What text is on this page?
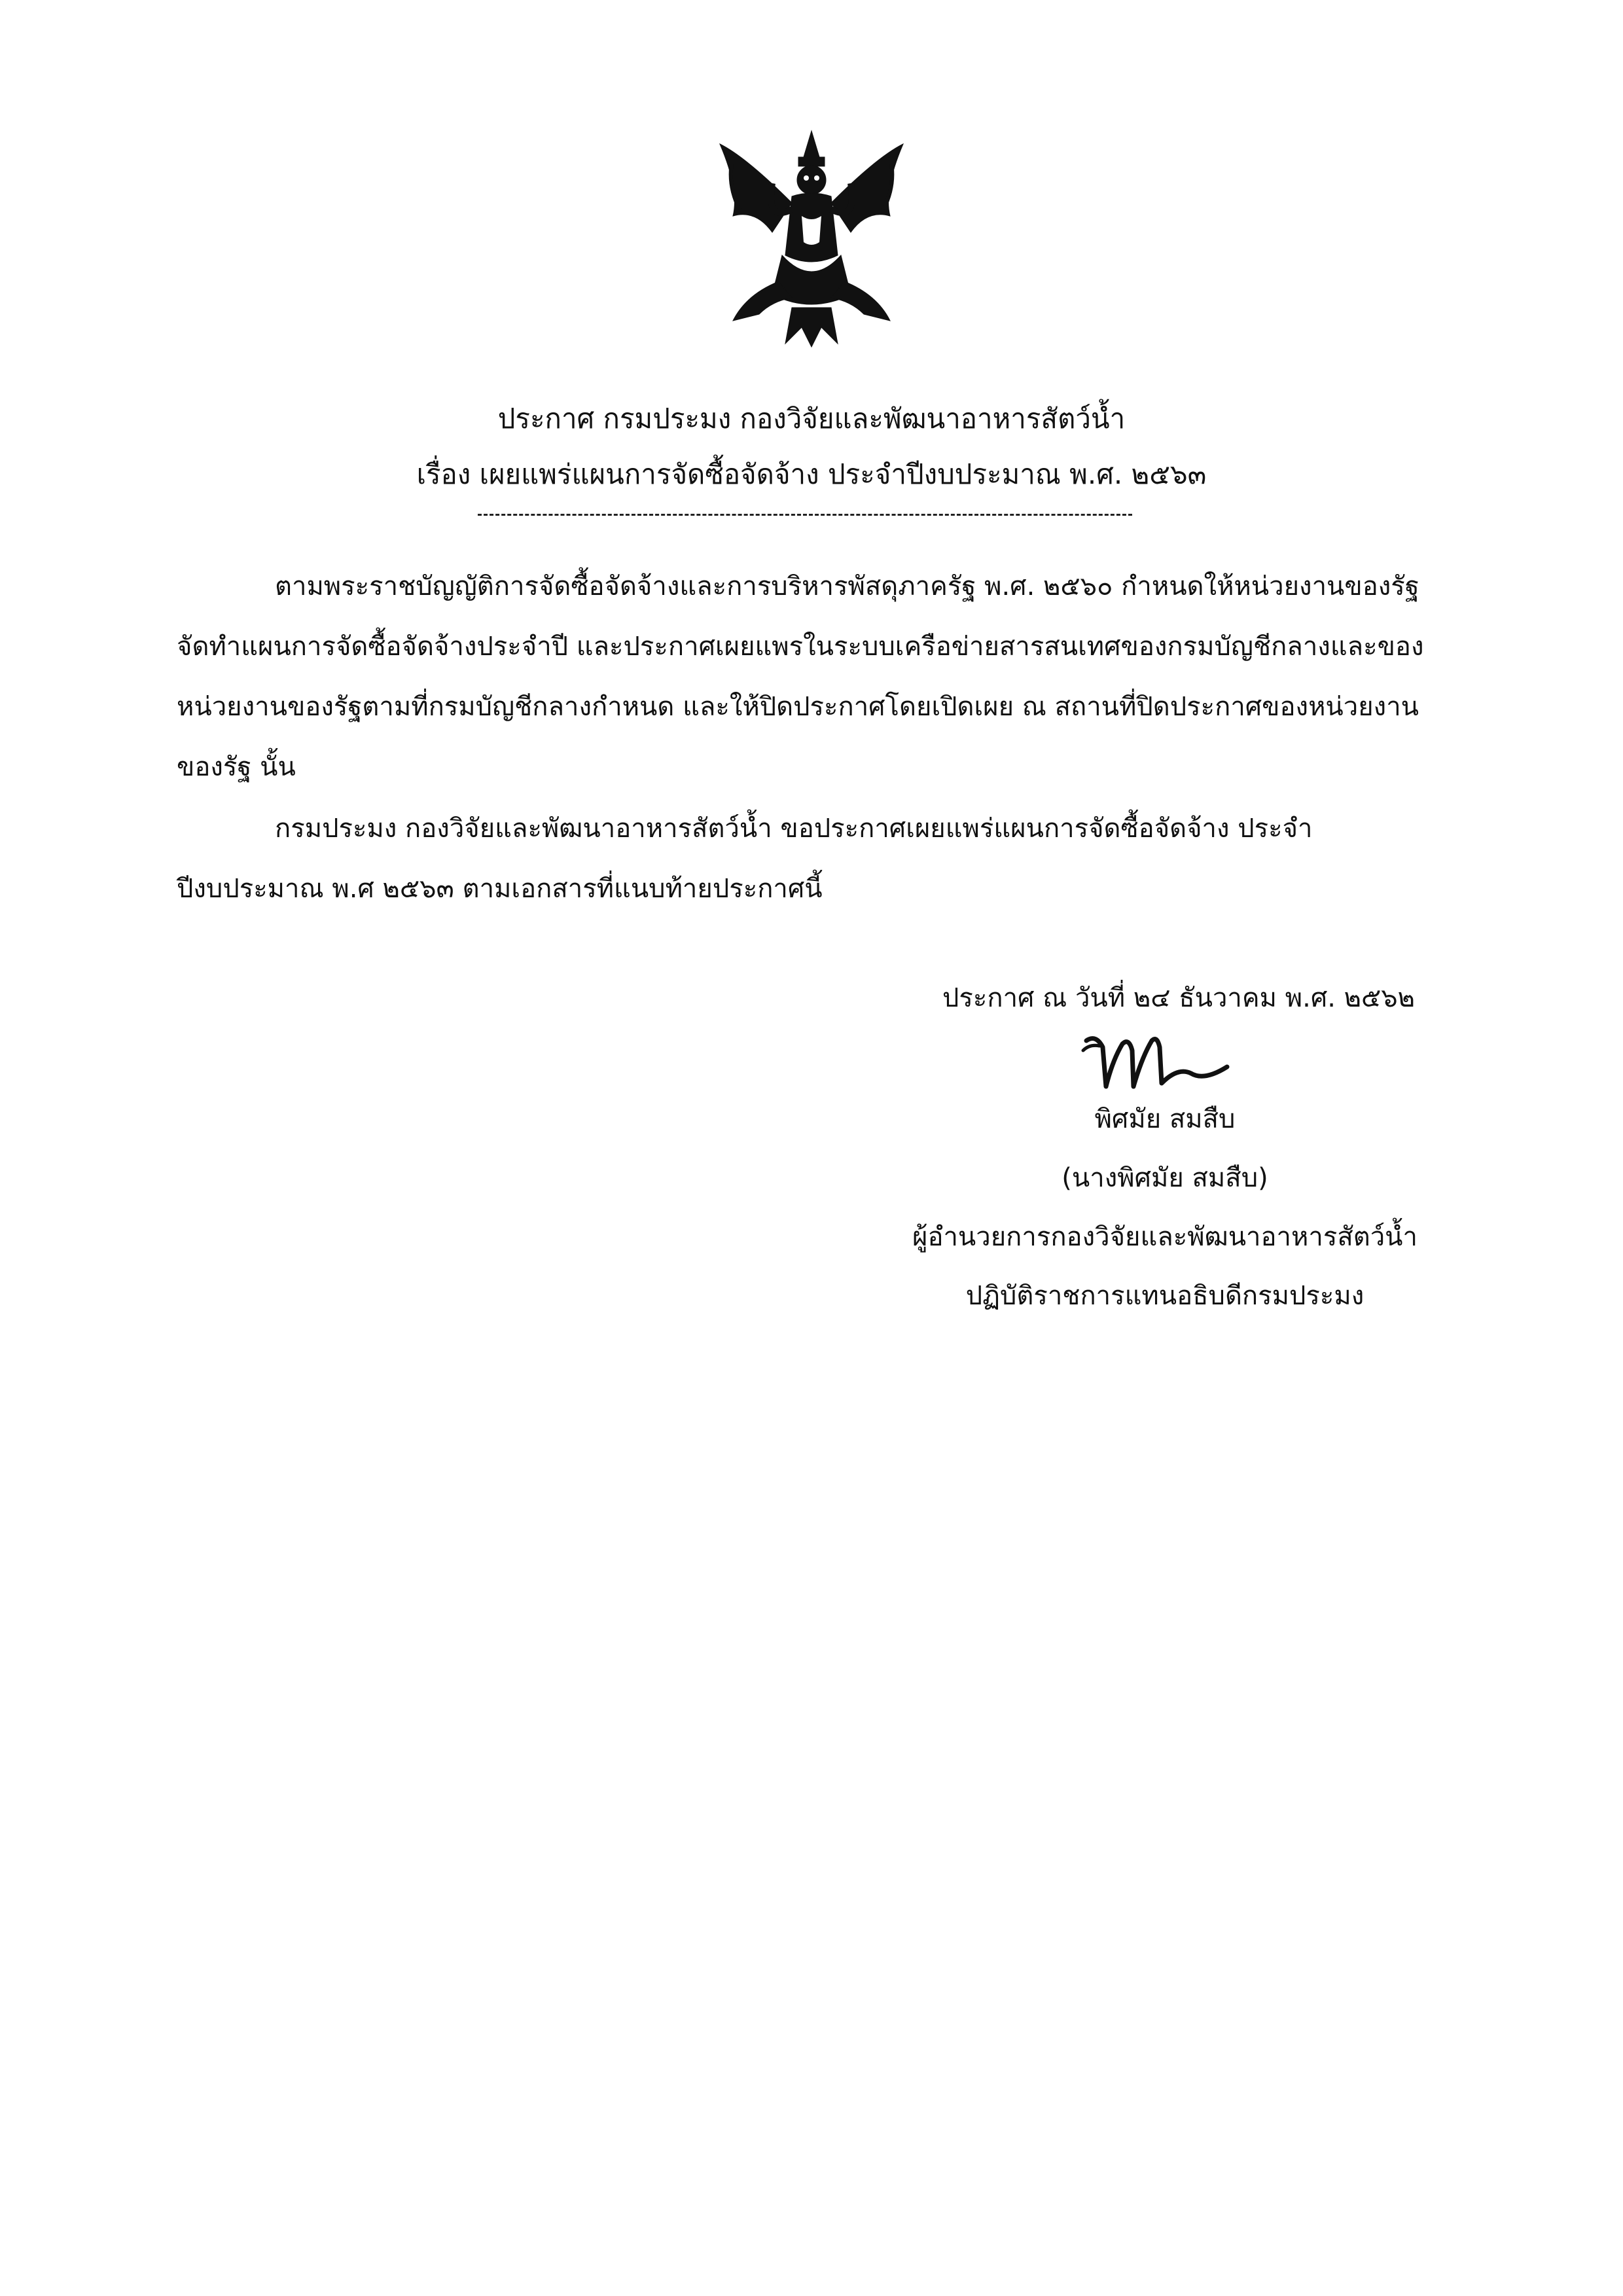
ประกาศ กรมประมง กองวิจัยและพัฒนาอาหารสัตว์น้ำ
เรื่อง เผยแพร่แผนการจัดซื้อจัดจ้าง ประจำปีงบประมาณ พ.ศ. ๒๕๖๓
ตามพระราชบัญญัติการจัดซื้อจัดจ้างและการบริหารพัสดุภาครัฐ พ.ศ. ๒๕๖๐ กำหนดให้หน่วยงานของรัฐ
จัดทำแผนการจัดซื้อจัดจ้างประจำปี และประกาศเผยแพรในระบบเครือข่ายสารสนเทศของกรมบัญชีกลางและของ
หน่วยงานของรัฐตามที่กรมบัญชีกลางกำหนด และให้ปิดประกาศโดยเปิดเผย ณ สถานที่ปิดประกาศของหน่วยงาน
ของรัฐ นั้น
กรมประมง กองวิจัยและพัฒนาอาหารสัตว์น้ำ ขอประกาศเผยแพร่แผนการจัดซื้อจัดจ้าง ประจำ
ปีงบประมาณ พ.ศ ๒๕๖๓ ตามเอกสารที่แนบท้ายประกาศนี้
ประกาศ ณ วันที่ ๒๔ ธันวาคม พ.ศ. ๒๕๖๒
พิศมัย สมสืบ
(นางพิศมัย สมสืบ)
ผู้อำนวยการกองวิจัยและพัฒนาอาหารสัตว์น้ำ
ปฏิบัติราชการแทนอธิบดีกรมประมง
